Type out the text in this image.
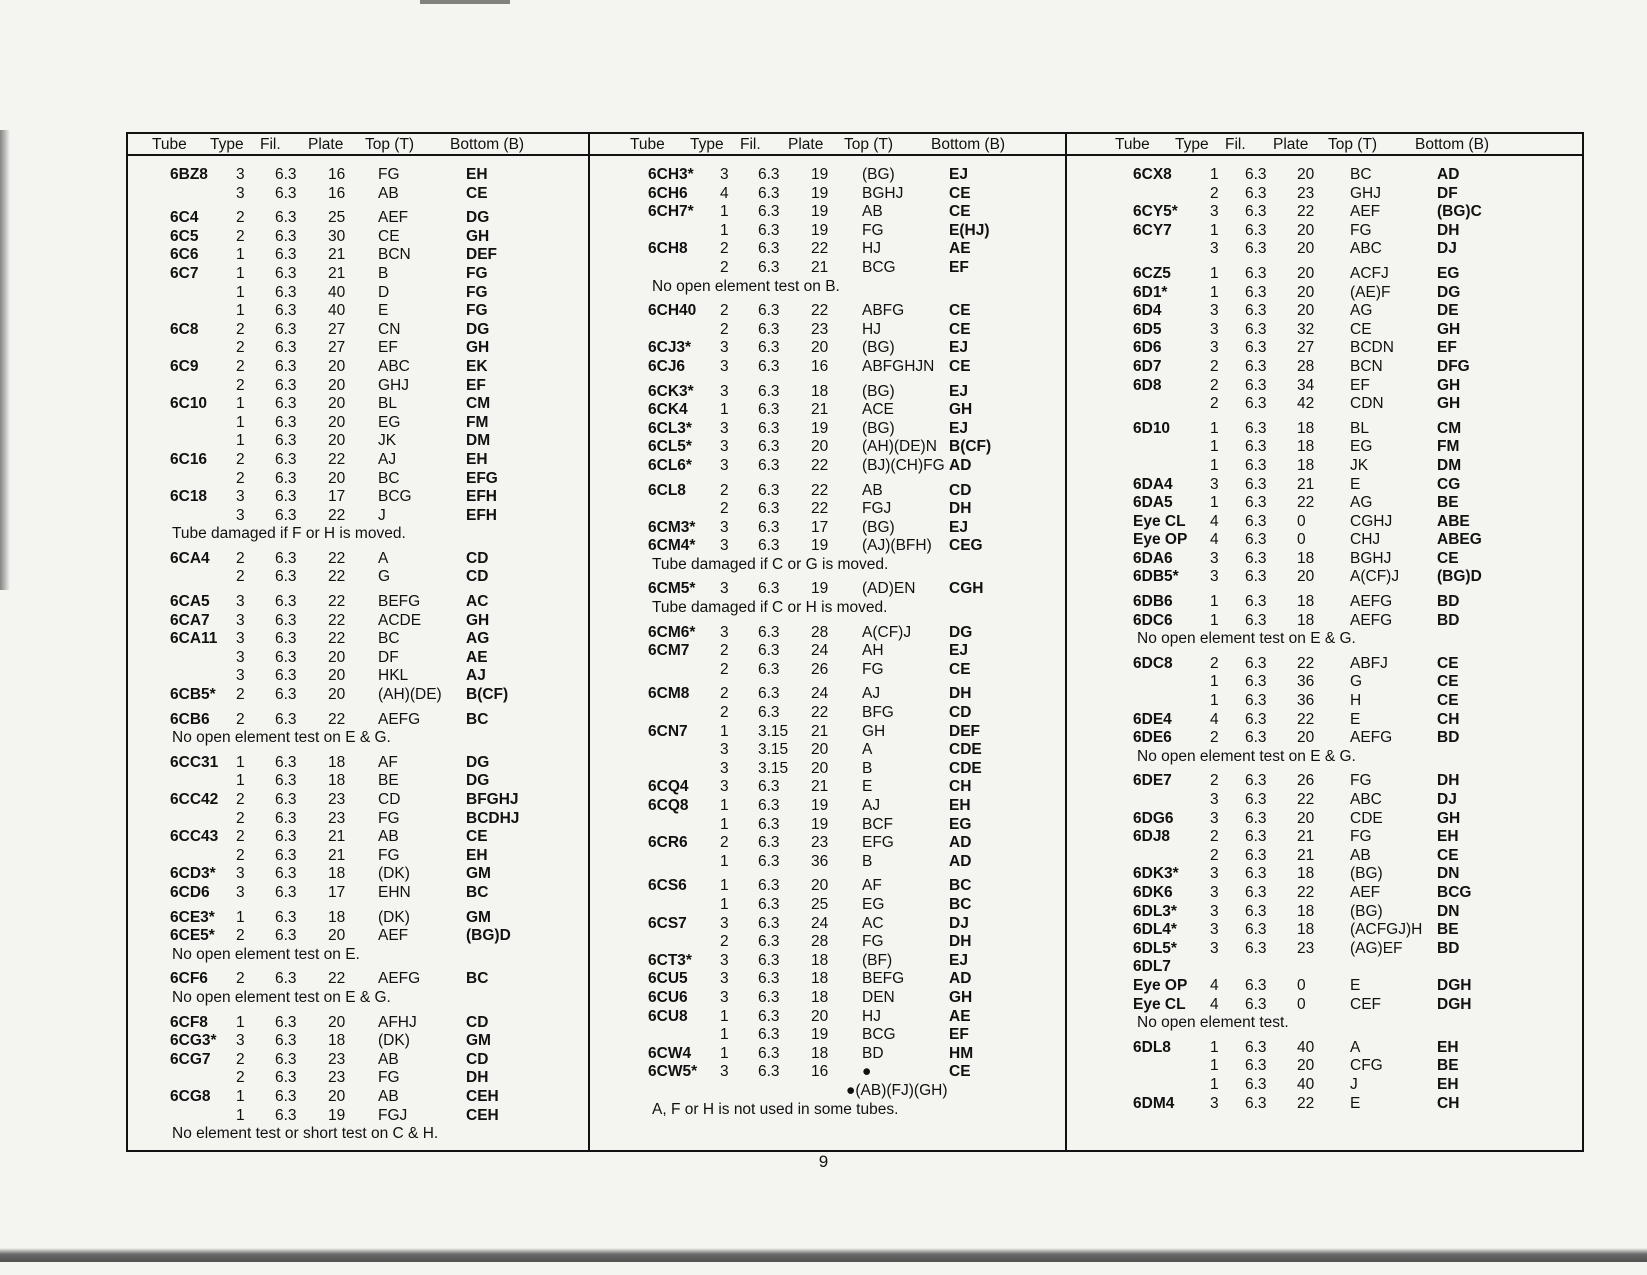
Tube Type Fil. Plate Top (T) Bottom (B)
6BZ8 3 6.3 16 FG	EH
3 6.3 16 AB	CE
6C4 2 6.3 25 AEF	DG
6C5 2 6.3 30 CE	GH
6C6 1 6.3 21 BCN	DEF
6C7 1 6.3 21 B	FG
1 6.3 40 D	FG
1 6.3 40 E	FG
6C8 2 6.3 27 CN	DG
2 6.3 27 EF	GH
6C9 2 6.3 20 ABC	EK
2 6.3 20 GHJ	EF
6C10 1 6.3 20 BL	CM
1 6.3 20 EG	FM
1 6.3 20 JK	DM
6C16 2 6.3 22 AJ	EH
2 6.3 20 BC	EFG
6C18 3 6.3 17 BCG	EFH
3 6.3 22 J	EFH
Tube damaged if F or H is moved.
6CA4 2 6.3 22 A	CD
2 6.3 22 G	CD
6CA5 3 6.3 22 BEFG	AC
6CA7 3 6.3 22 ACDE	GH
6CA11 3 6.3 22 BC	AG
3 6.3 20 DF	AE
3 6.3 20 HKL	AJ
6CB5* 2 6.3 20 (AH)(DE) B(CF)
6CB6 2 6.3 22 AEFG	BC
No open element test on E & G.
6CC31 1 6.3 18 AF	DG
1 6.3 18 BE	DG
6CC42 2 6.3 23 CD	BFGHJ
2 6.3 23 FG	BCDHJ
6CC43 2 6.3 21 AB	CE
2 6.3 21 FG	EH
6CD3* 3 6.3 18 (DK)	GM
6CD6 3 6.3 17 EHN	BC
6CE3* 1 6.3 18 (DK)	GM
6CE5* 2 6.3 20 AEF	(BG)D
No open element test on E.
6CF6 2 6.3 22 AEFG	BC
No open element test on E & G.
6CF8 1 6.3 20 AFHJ	CD
6CG3* 3 6.3 18 (DK)	GM
6CG7 2 6.3 23 AB	CD
2 6.3 23 FG	DH
6CG8 1 6.3 20 AB	CEH
1 6.3 19 FGJ	CEH
No element test or short test on C & H.
Tube Type Fil. Plate Top (T) Bottom (B)
6CH3* 3 6.3 19 (BG)	EJ
6CH6 4 6.3 19 BGHJ	CE
6CH7* 1 6.3 19 AB	CE
1 6.3 19 FG	E(HJ)
6CH8 2 6.3 22 HJ	AE
2 6.3 21 BCG	EF
No open element test on B.
6CH40 2 6.3 22 ABFG	CE
2 6.3 23 HJ	CE
6CJ3* 3 6.3 20 (BG)	EJ
6CJ6 3 6.3 16 ABFGHJN CE
6CK3* 3 6.3 18 (BG)	EJ
6CK4 1 6.3 21 ACE	GH
6CL3* 3 6.3 19 (BG)	EJ
6CL5* 3 6.3 20 (AH)(DE)N B(CF)
6CL6* 3 6.3 22 (BJ)(CH)FG AD
6CL8 2 6.3 22 AB	CD
2 6.3 22 FGJ	DH
6CM3* 3 6.3 17 (BG)	EJ
6CM4* 3 6.3 19 (AJ)(BFH) CEG
Tube damaged if C or G is moved.
6CM5* 3 6.3 19 (AD)EN CGH
Tube damaged if C or H is moved.
6CM6* 3 6.3 28 A(CF)J DG
6CM7 2 6.3 24 AH	EJ
2 6.3 26 FG	CE
6CM8 2 6.3 24 AJ	DH
2 6.3 22 BFG	CD
6CN7 1 3.15 21 GH	DEF
3 3.15 20 A	CDE
3 3.15 20 B	CDE
6CQ4 3 6.3 21 E	CH
6CQ8 1 6.3 19 AJ	EH
1 6.3 19 BCF	EG
6CR6 2 6.3 23 EFG	AD
1 6.3 36 B	AD
6CS6 1 6.3 20 AF	BC
1 6.3 25 EG	BC
6CS7 3 6.3 24 AC	DJ
2 6.3 28 FG	DH
6CT3* 3 6.3 18 (BF)	EJ
6CU5 3 6.3 18 BEFG	AD
6CU6 3 6.3 18 DEN	GH
6CU8 1 6.3 20 HJ	AE
1 6.3 19 BCG	EF
6CW4 1 6.3 18 BD	HM
6CW5* 3 6.3 16 ●	CE
●(AB)(FJ)(GH)
A, F or H is not used in some tubes.
Tube Type Fil. Plate Top (T) Bottom (B)
6CX8 1 6.3 20 BC	AD
2 6.3 23 GHJ	DF
6CY5* 3 6.3 22 AEF	(BG)C
6CY7 1 6.3 20 FG	DH
3 6.3 20 ABC	DJ
6CZ5	1 6.3 20 ACFJ	EG
6D1*	1 6.3 20 (AE)F	DG
6D4	3 6.3 20 AG	DE
6D5	3 6.3 32 CE	GH
6D6	3 6.3 27 BCDN	EF
6D7	2 6.3 28 BCN	DFG
6D8	2 6.3 34 EF	GH
2 6.3 42 CDN	GH
6D10	1 6.3 18 BL	CM
1 6.3 18 EG	FM
1 6.3 18 JK	DM
6DA4 3 6.3 21 E	CG
6DA5 1 6.3 22 AG	BE
Eye CL 4 6.3 0	CGHJ	ABE
Eye OP 4 6.3 0	CHJ	ABEG
6DA6 3 6.3 18 BGHJ	CE
6DB5* 3 6.3 20 A(CF)J (BG)D
6DB6 1 6.3 18 AEFG	BD
6DC6 1 6.3 18 AEFG	BD
No open element test on E & G.
6DC8 2 6.3 22 ABFJ	CE
1 6.3 36 G	CE
1 6.3 36 H	CE
6DE4 4 6.3 22 E	CH
6DE6 2 6.3 20 AEFG	BD
No open element test on E & G.
6DE7 2 6.3 26 FG	DH
3 6.3 22 ABC	DJ
6DG6 3 6.3 20 CDE	GH
6DJ8	2 6.3 21 FG	EH
2 6.3 21 AB	CE
6DK3* 3 6.3 18 (BG)	DN
6DK6 3 6.3 22 AEF	BCG
6DL3* 3 6.3 18 (BG)	DN
6DL4* 3 6.3 18 (ACFGJ)H BE
6DL5* 3 6.3 23 (AG)EF BD
6DL7
Eye OP 4 6.3 0	E	DGH
Eye CL 4 6.3 0	CEF	DGH
No open element test.
6DL8	1 6.3 40 A	EH
1 6.3 20 CFG	BE
1 6.3 40 J	EH
6DM4 3 6.3 22 E	CH
9
